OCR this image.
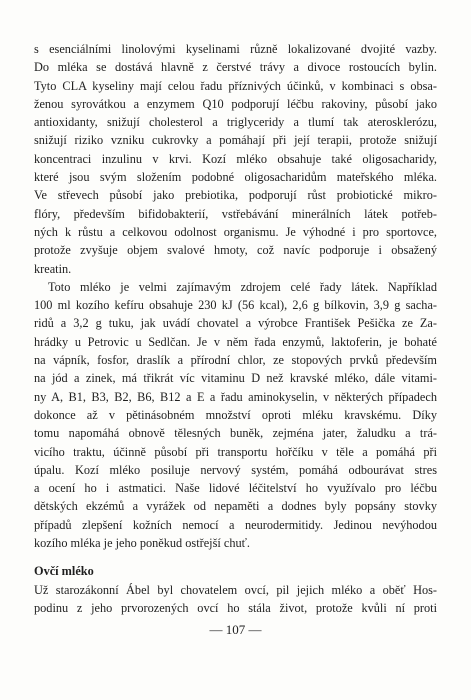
s esenciálními linolovými kyselinami různě lokalizované dvojité vazby.
Do mléka se dostává hlavně z čerstvé trávy a divoce rostoucích bylin.
Tyto CLA kyseliny mají celou řadu příznivých účinků, v kombinaci s obsa-
ženou syrovátkou a enzymem Q10 podporují léčbu rakoviny, působí jako
antioxidanty, snižují cholesterol a triglyceridy a tlumí tak aterosklerózu,
snižují riziko vzniku cukrovky a pomáhají při její terapii, protože snižují
koncentraci inzulinu v krvi. Kozí mléko obsahuje také oligosacharidy,
které jsou svým složením podobné oligosacharidům mateřského mléka.
Ve střevech působí jako prebiotika, podporují růst probiotické mikro-
flóry, především bifidobakterií, vstřebávání minerálních látek potřeb-
ných k růstu a celkovou odolnost organismu. Je výhodné i pro sportovce,
protože zvyšuje objem svalové hmoty, což navíc podporuje i obsažený
kreatin.
Toto mléko je velmi zajímavým zdrojem celé řady látek. Například
100 ml kozího kefíru obsahuje 230 kJ (56 kcal), 2,6 g bílkovin, 3,9 g sacha-
ridů a 3,2 g tuku, jak uvádí chovatel a výrobce František Pešička ze Za-
hrádky u Petrovic u Sedlčan. Je v něm řada enzymů, laktoferin, je bohaté
na vápník, fosfor, draslík a přírodní chlor, ze stopových prvků především
na jód a zinek, má třikrát víc vitaminu D než kravské mléko, dále vitami-
ny A, B1, B3, B2, B6, B12 a E a řadu aminokyselin, v některých případech
dokonce až v pětinásobném množství oproti mléku kravskému. Díky
tomu napomáhá obnově tělesných buněk, zejména jater, žaludku a trá-
vicího traktu, účinně působí při transportu hořčíku v těle a pomáhá při
úpalu. Kozí mléko posiluje nervový systém, pomáhá odbourávat stres
a ocení ho i astmatici. Naše lidové léčitelství ho využívalo pro léčbu
dětských ekzémů a vyrážek od nepaměti a dodnes byly popsány stovky
případů zlepšení kožních nemocí a neurodermitidy. Jedinou nevýhodou
kozího mléka je jeho poněkud ostřejší chuť.
Ovčí mléko
Už starozákonní Ábel byl chovatelem ovcí, pil jejich mléko a oběť Hos-
podinu z jeho prvorozených ovcí ho stála život, protože kvůli ní proti
— 107 —
